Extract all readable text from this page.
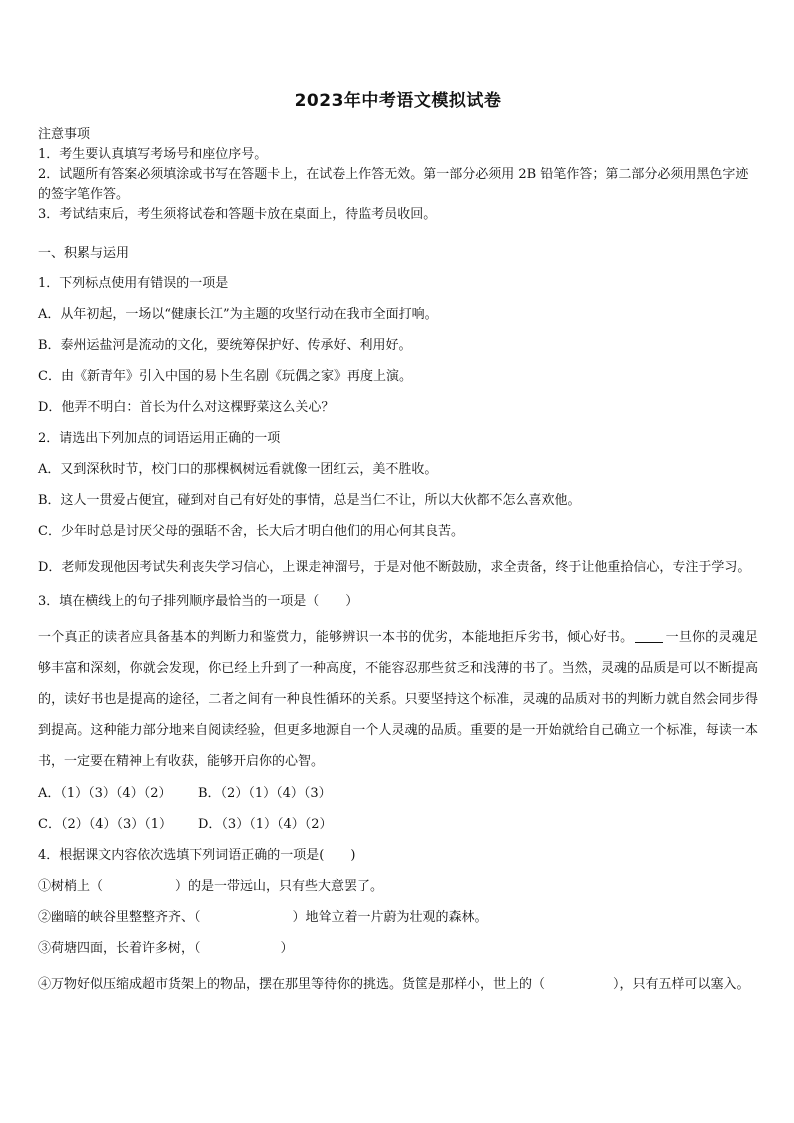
2023年中考语文模拟试卷
注意事项
1．考生要认真填写考场号和座位序号。
2．试题所有答案必须填涂或书写在答题卡上，在试卷上作答无效。第一部分必须用 2B 铅笔作答；第二部分必须用黑色字迹的签字笔作答。
3．考试结束后，考生须将试卷和答题卡放在桌面上，待监考员收回。
一、积累与运用
1．下列标点使用有错误的一项是
A．从年初起，一场以“健康长江”为主题的攻坚行动在我市全面打响。
B．泰州运盐河是流动的文化，要统筹保护好、传承好、利用好。
C．由《新青年》引入中国的易卜生名剧《玩偶之家》再度上演。
D．他弄不明白：首长为什么对这棵野菜这么关心？
2．请选出下列加点的词语运用正确的一项
A．又到深秋时节，校门口的那棵枫树远看就像一团红云，美不胜收。
B．这人一贯爱占便宜，碰到对自己有好处的事情，总是当仁不让，所以大伙都不怎么喜欢他。
C．少年时总是讨厌父母的强聒不舍，长大后才明白他们的用心何其良苦。
D．老师发现他因考试失利丧失学习信心，上课走神溜号，于是对他不断鼓励，求全责备，终于让他重拾信心，专注于学习。
3．填在横线上的句子排列顺序最恰当的一项是（　　）
一个真正的读者应具备基本的判断力和鉴赏力，能够辨识一本书的优劣，本能地拒斥劣书，倾心好书。 一旦你的灵魂足够丰富和深刻，你就会发现，你已经上升到了一种高度，不能容忍那些贫乏和浅薄的书了。当然，灵魂的品质是可以不断提高的，读好书也是提高的途径，二者之间有一种良性循环的关系。只要坚持这个标准，灵魂的品质对书的判断力就自然会同步得到提高。这种能力部分地来自阅读经验，但更多地源自一个人灵魂的品质。重要的是一开始就给自己确立一个标准，每读一本书，一定要在精神上有收获，能够开启你的心智。
A．（1）（3）（4）（2） B．（2）（1）（4）（3）
C．（2）（4）（3）（1） D．（3）（1）（4）（2）
4．根据课文内容依次选填下列词语正确的一项是(　　)
①树梢上（	）的是一带远山，只有些大意罢了。
②幽暗的峡谷里整整齐齐、（	）地耸立着一片蔚为壮观的森林。
③荷塘四面，长着许多树，（	）
④万物好似压缩成超市货架上的物品，摆在那里等待你的挑选。货筐是那样小，世上的（	），只有五样可以塞入。
